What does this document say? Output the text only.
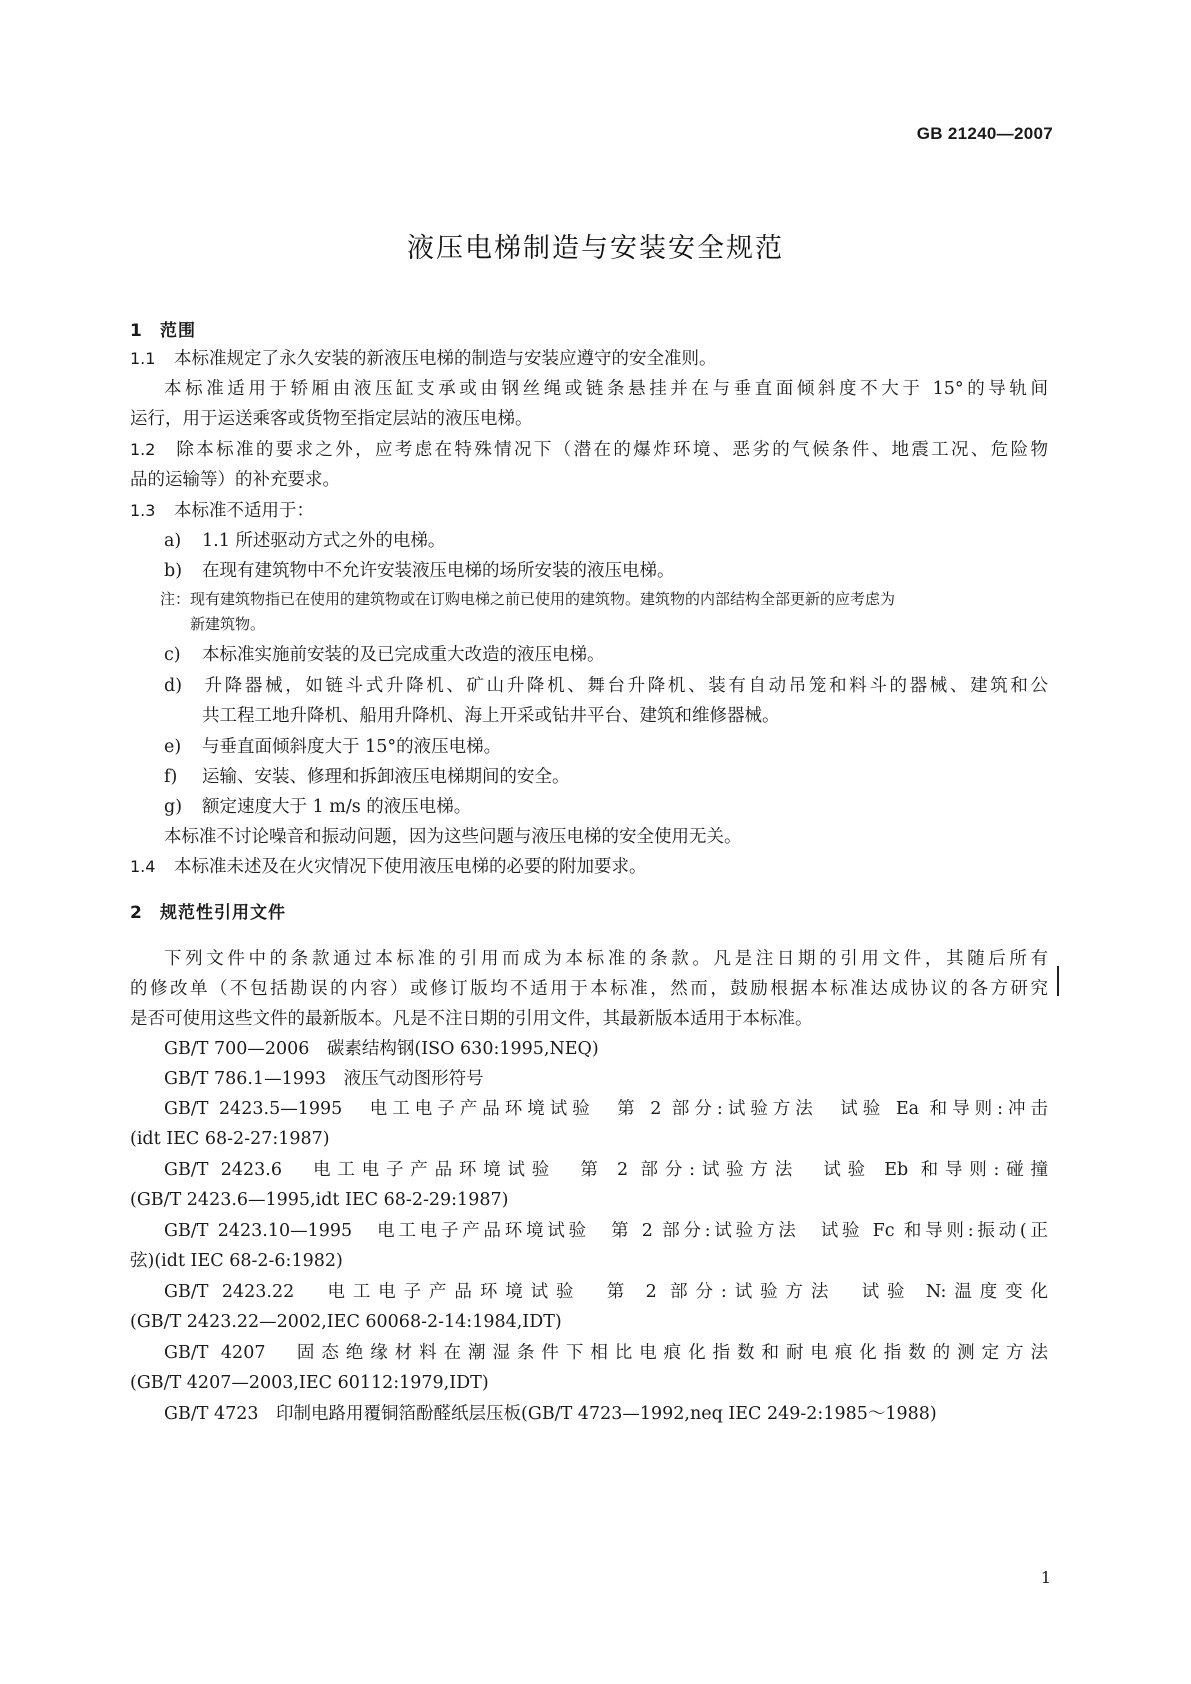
GB 21240—2007
液压电梯制造与安装安全规范
1 范围
1.1 本标准规定了永久安装的新液压电梯的制造与安装应遵守的安全准则。
本标准适用于轿厢由液压缸支承或由钢丝绳或链条悬挂并在与垂直面倾斜度不大于 15°的导轨间
运行，用于运送乘客或货物至指定层站的液压电梯。
1.2 除本标准的要求之外，应考虑在特殊情况下（潜在的爆炸环境、恶劣的气候条件、地震工况、危险物
品的运输等）的补充要求。
1.3 本标准不适用于：
a) 1.1 所述驱动方式之外的电梯。
b) 在现有建筑物中不允许安装液压电梯的场所安装的液压电梯。
注：现有建筑物指已在使用的建筑物或在订购电梯之前已使用的建筑物。建筑物的内部结构全部更新的应考虑为
新建筑物。
c) 本标准实施前安装的及已完成重大改造的液压电梯。
d) 升降器械，如链斗式升降机、矿山升降机、舞台升降机、装有自动吊笼和料斗的器械、建筑和公
共工程工地升降机、船用升降机、海上开采或钻井平台、建筑和维修器械。
e) 与垂直面倾斜度大于 15°的液压电梯。
f) 运输、安装、修理和拆卸液压电梯期间的安全。
g) 额定速度大于 1 m/s 的液压电梯。
本标准不讨论噪音和振动问题，因为这些问题与液压电梯的安全使用无关。
1.4 本标准未述及在火灾情况下使用液压电梯的必要的附加要求。
2 规范性引用文件
下列文件中的条款通过本标准的引用而成为本标准的条款。凡是注日期的引用文件，其随后所有
的修改单（不包括勘误的内容）或修订版均不适用于本标准，然而，鼓励根据本标准达成协议的各方研究
是否可使用这些文件的最新版本。凡是不注日期的引用文件，其最新版本适用于本标准。
GB/T 700—2006　碳素结构钢(ISO 630:1995,NEQ)
GB/T 786.1—1993　液压气动图形符号
GB/T 2423.5—1995　电工电子产品环境试验　第 2 部分:试验方法　试验 Ea 和导则:冲击
(idt IEC 68-2-27:1987)
GB/T 2423.6　电工电子产品环境试验　第 2 部分:试验方法　试验 Eb 和导则:碰撞
(GB/T 2423.6—1995,idt IEC 68-2-29:1987)
GB/T 2423.10—1995　电工电子产品环境试验　第 2 部分:试验方法　试验 Fc 和导则:振动(正
弦)(idt IEC 68-2-6:1982)
GB/T 2423.22　电工电子产品环境试验　第 2 部分:试验方法　试验 N:温度变化
(GB/T 2423.22—2002,IEC 60068-2-14:1984,IDT)
GB/T 4207　固态绝缘材料在潮湿条件下相比电痕化指数和耐电痕化指数的测定方法
(GB/T 4207—2003,IEC 60112:1979,IDT)
GB/T 4723　印制电路用覆铜箔酚醛纸层压板(GB/T 4723—1992,neq IEC 249-2:1985～1988)
1
